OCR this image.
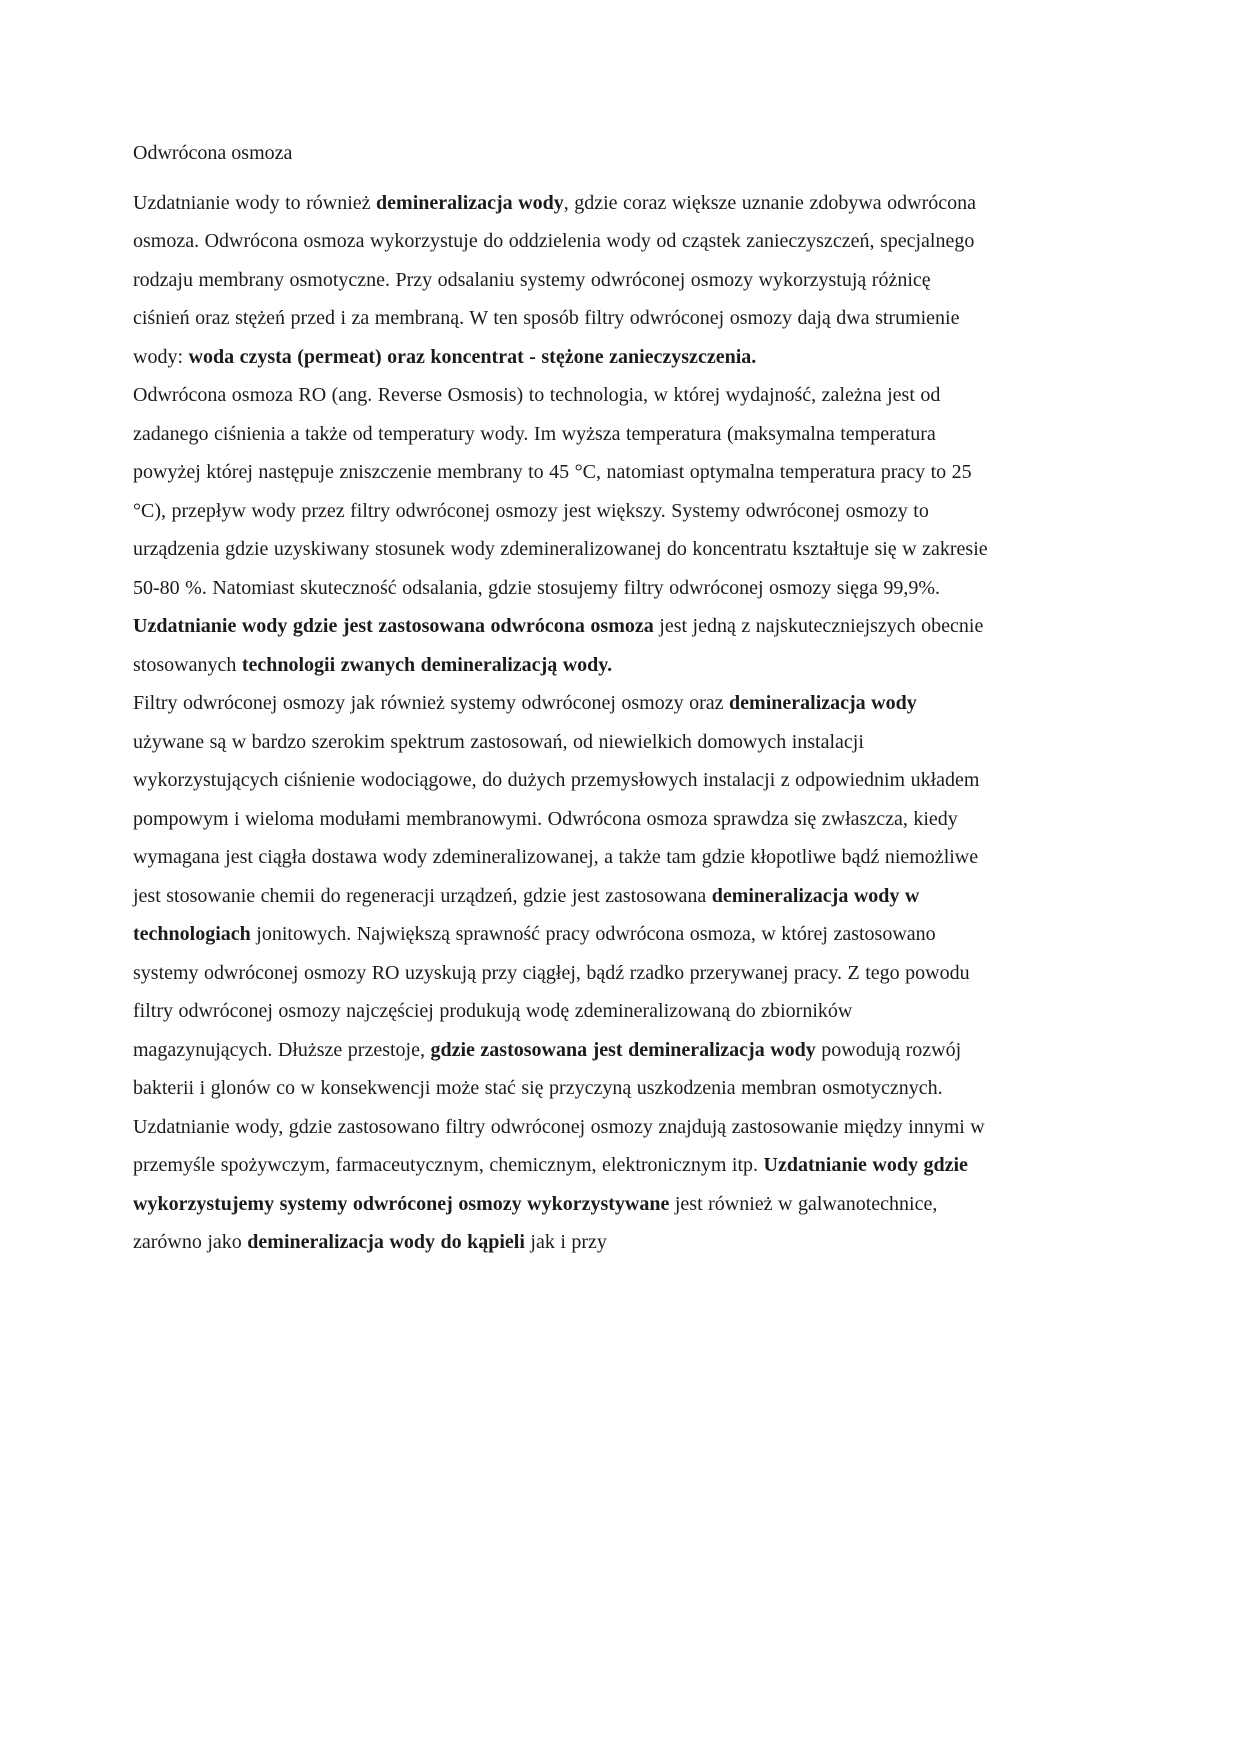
Odwrócona osmoza

Uzdatnianie wody to również demineralizacja wody, gdzie coraz większe uznanie zdobywa odwrócona osmoza. Odwrócona osmoza wykorzystuje do oddzielenia wody od cząstek zanieczyszczeń, specjalnego rodzaju membrany osmotyczne. Przy odsalaniu systemy odwróconej osmozy wykorzystują różnicę ciśnień oraz stężeń przed i za membraną. W ten sposób filtry odwróconej osmozy dają dwa strumienie wody: woda czysta (permeat) oraz koncentrat - stężone zanieczyszczenia.

Odwrócona osmoza RO (ang. Reverse Osmosis) to technologia, w której wydajność, zależna jest od zadanego ciśnienia a także od temperatury wody. Im wyższa temperatura (maksymalna temperatura powyżej której następuje zniszczenie membrany to 45 °C, natomiast optymalna temperatura pracy to 25 °C), przepływ wody przez filtry odwróconej osmozy jest większy. Systemy odwróconej osmozy to urządzenia gdzie uzyskiwany stosunek wody zdemineralizowanej do koncentratu kształtuje się w zakresie 50-80 %. Natomiast skuteczność odsalania, gdzie stosujemy filtry odwróconej osmozy sięga 99,9%. Uzdatnianie wody gdzie jest zastosowana odwrócona osmoza jest jedną z najskuteczniejszych obecnie stosowanych technologii zwanych demineralizacją wody.

Filtry odwróconej osmozy jak również systemy odwróconej osmozy oraz demineralizacja wody używane są w bardzo szerokim spektrum zastosowań, od niewielkich domowych instalacji wykorzystujących ciśnienie wodociągowe, do dużych przemysłowych instalacji z odpowiednim układem pompowym i wieloma modułami membranowymi. Odwrócona osmoza sprawdza się zwłaszcza, kiedy wymagana jest ciągła dostawa wody zdemineralizowanej, a także tam gdzie kłopotliwe bądź niemożliwe jest stosowanie chemii do regeneracji urządzeń, gdzie jest zastosowana demineralizacja wody w technologiach jonitowych. Największą sprawność pracy odwrócona osmoza, w której zastosowano systemy odwróconej osmozy RO uzyskują przy ciągłej, bądź rzadko przerywanej pracy. Z tego powodu filtry odwróconej osmozy najczęściej produkują wodę zdemineralizowaną do zbiorników magazynujących. Dłuższe przestoje, gdzie zastosowana jest demineralizacja wody powodują rozwój bakterii i glonów co w konsekwencji może stać się przyczyną uszkodzenia membran osmotycznych.

Uzdatnianie wody, gdzie zastosowano filtry odwróconej osmozy znajdują zastosowanie między innymi w przemyśle spożywczym, farmaceutycznym, chemicznym, elektronicznym itp. Uzdatnianie wody gdzie wykorzystujemy systemy odwróconej osmozy wykorzystywane jest również w galwanotechnice, zarówno jako demineralizacja wody do kąpieli jak i przy
